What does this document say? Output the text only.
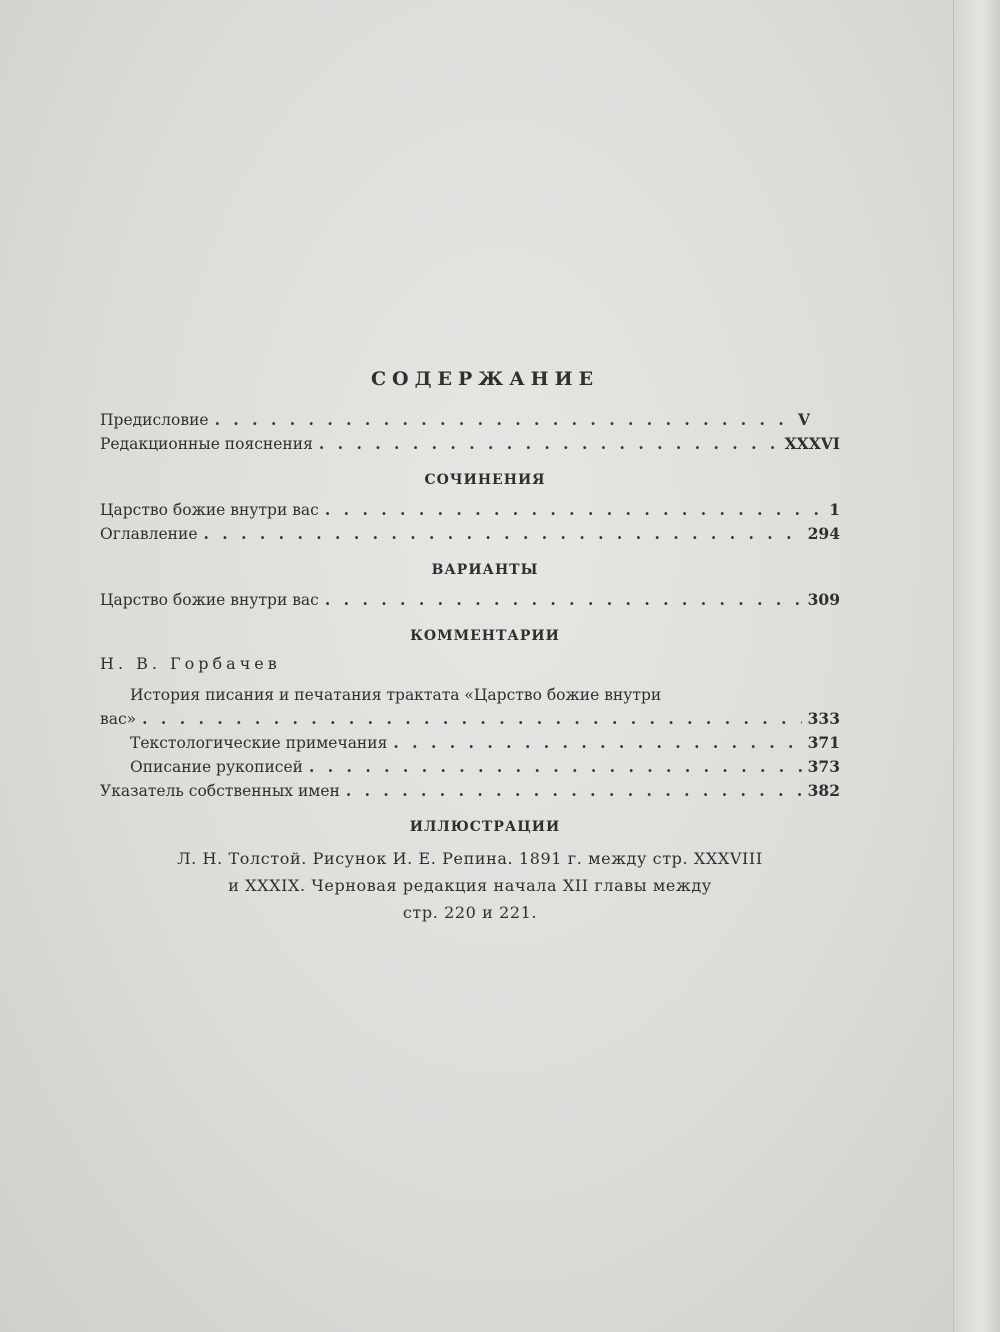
СОДЕРЖАНИЕ
Предисловие . . .	V
Редакционные пояснения . . .	XXXVI
СОЧИНЕНИЯ
Царство божие внутри вас . . .	1
Оглавление . . .	294
ВАРИАНТЫ
Царство божие внутри вас . . .	309
КОММЕНТАРИИ
Н. В. Горбачев
История писания и печатания трактата «Царство божие внутри
вас» . . .	333
Текстологические примечания . . .	371
Описание рукописей . . .	373
Указатель собственных имен . . .	382
ИЛЛЮСТРАЦИИ
Л. Н. Толстой. Рисунок И. Е. Репина. 1891 г. между стр. XXXVIII
и XXXIX. Черновая редакция начала XII главы между
стр. 220 и 221.
